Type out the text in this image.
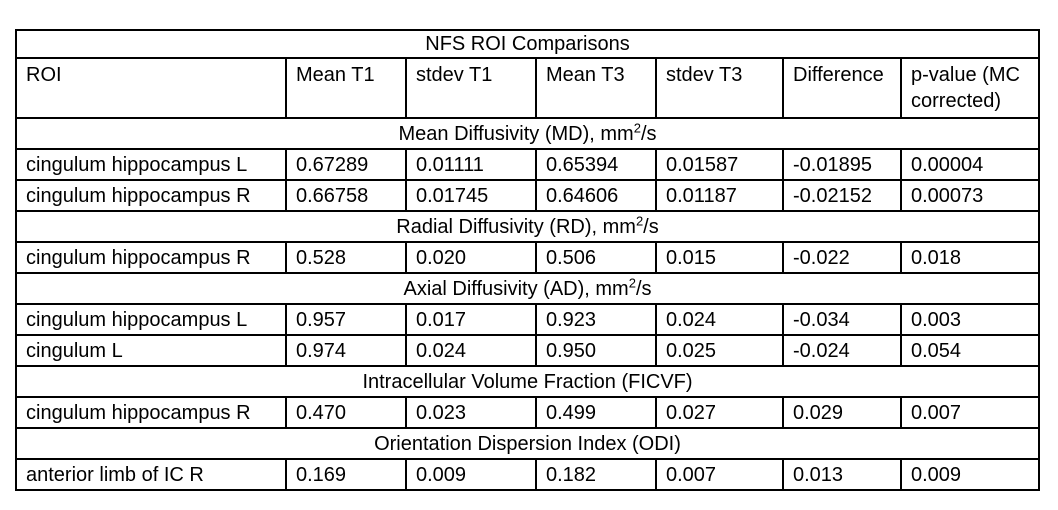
NFS ROI Comparisons						
ROI	Mean T1	stdev T1	Mean T3	stdev T3	Difference	p-value (MC corrected)
Mean Diffusivity (MD), $mm^2/s$						
cingulum hippocampus L	0.67289	0.01111	0.65394	0.01587	-0.01895	0.00004
cingulum hippocampus R	0.66758	0.01745	0.64606	0.01187	-0.02152	0.00073
Radial Diffusivity (RD), $mm^2/s$						
cingulum hippocampus R	0.528	0.020	0.506	0.015	-0.022	0.018
Axial Diffusivity (AD), $mm^2/s$						
cingulum hippocampus L	0.957	0.017	0.923	0.024	-0.034	0.003
cingulum L	0.974	0.024	0.950	0.025	-0.024	0.054
Intracellular Volume Fraction (FICVF)						
cingulum hippocampus R	0.470	0.023	0.499	0.027	0.029	0.007
Orientation Dispersion Index (ODI)						
anterior limb of IC R	0.169	0.009	0.182	0.007	0.013	0.009
